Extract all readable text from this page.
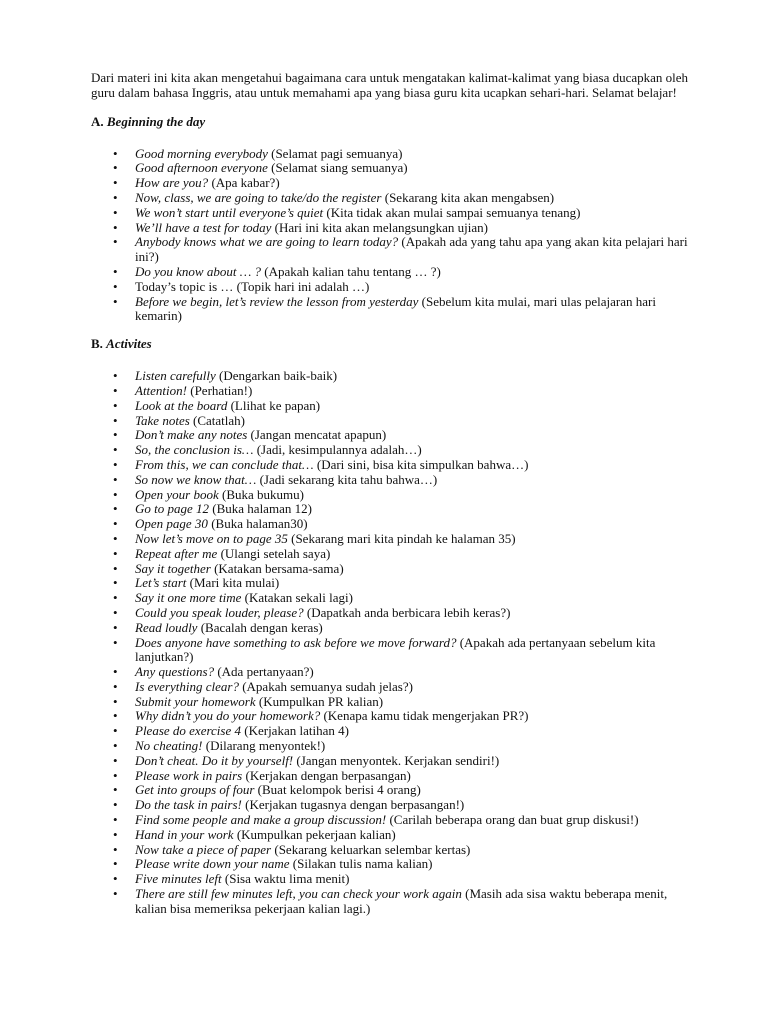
Dari materi ini kita akan mengetahui bagaimana cara untuk mengatakan kalimat-kalimat yang biasa ducapkan oleh guru dalam bahasa Inggris, atau untuk memahami apa yang biasa guru kita ucapkan sehari-hari. Selamat belajar!

A. Beginning the day

• Good morning everybody (Selamat pagi semuanya)
• Good afternoon everyone (Selamat siang semuanya)
• How are you? (Apa kabar?)
• Now, class, we are going to take/do the register (Sekarang kita akan mengabsen)
• We won’t start until everyone’s quiet (Kita tidak akan mulai sampai semuanya tenang)
• We’ll have a test for today (Hari ini kita akan melangsungkan ujian)
• Anybody knows what we are going to learn today? (Apakah ada yang tahu apa yang akan kita pelajari hari ini?)
• Do you know about … ? (Apakah kalian tahu tentang … ?)
• Today’s topic is … (Topik hari ini adalah …)
• Before we begin, let’s review the lesson from yesterday (Sebelum kita mulai, mari ulas pelajaran hari kemarin)

B. Activites

• Listen carefully (Dengarkan baik-baik)
• Attention! (Perhatian!)
• Look at the board (Llihat ke papan)
• Take notes (Catatlah)
• Don’t make any notes (Jangan mencatat apapun)
• So, the conclusion is… (Jadi, kesimpulannya adalah…)
• From this, we can conclude that… (Dari sini, bisa kita simpulkan bahwa…)
• So now we know that… (Jadi sekarang kita tahu bahwa…)
• Open your book (Buka bukumu)
• Go to page 12 (Buka halaman 12)
• Open page 30 (Buka halaman30)
• Now let’s move on to page 35 (Sekarang mari kita pindah ke halaman 35)
• Repeat after me (Ulangi setelah saya)
• Say it together (Katakan bersama-sama)
• Let’s start (Mari kita mulai)
• Say it one more time (Katakan sekali lagi)
• Could you speak louder, please? (Dapatkah anda berbicara lebih keras?)
• Read loudly (Bacalah dengan keras)
• Does anyone have something to ask before we move forward? (Apakah ada pertanyaan sebelum kita lanjutkan?)
• Any questions? (Ada pertanyaan?)
• Is everything clear? (Apakah semuanya sudah jelas?)
• Submit your homework (Kumpulkan PR kalian)
• Why didn’t you do your homework? (Kenapa kamu tidak mengerjakan PR?)
• Please do exercise 4 (Kerjakan latihan 4)
• No cheating! (Dilarang menyontek!)
• Don’t cheat. Do it by yourself! (Jangan menyontek. Kerjakan sendiri!)
• Please work in pairs (Kerjakan dengan berpasangan)
• Get into groups of four (Buat kelompok berisi 4 orang)
• Do the task in pairs! (Kerjakan tugasnya dengan berpasangan!)
• Find some people and make a group discussion! (Carilah beberapa orang dan buat grup diskusi!)
• Hand in your work (Kumpulkan pekerjaan kalian)
• Now take a piece of paper (Sekarang keluarkan selembar kertas)
• Please write down your name (Silakan tulis nama kalian)
• Five minutes left (Sisa waktu lima menit)
• There are still few minutes left, you can check your work again (Masih ada sisa waktu beberapa menit, kalian bisa memeriksa pekerjaan kalian lagi.)
